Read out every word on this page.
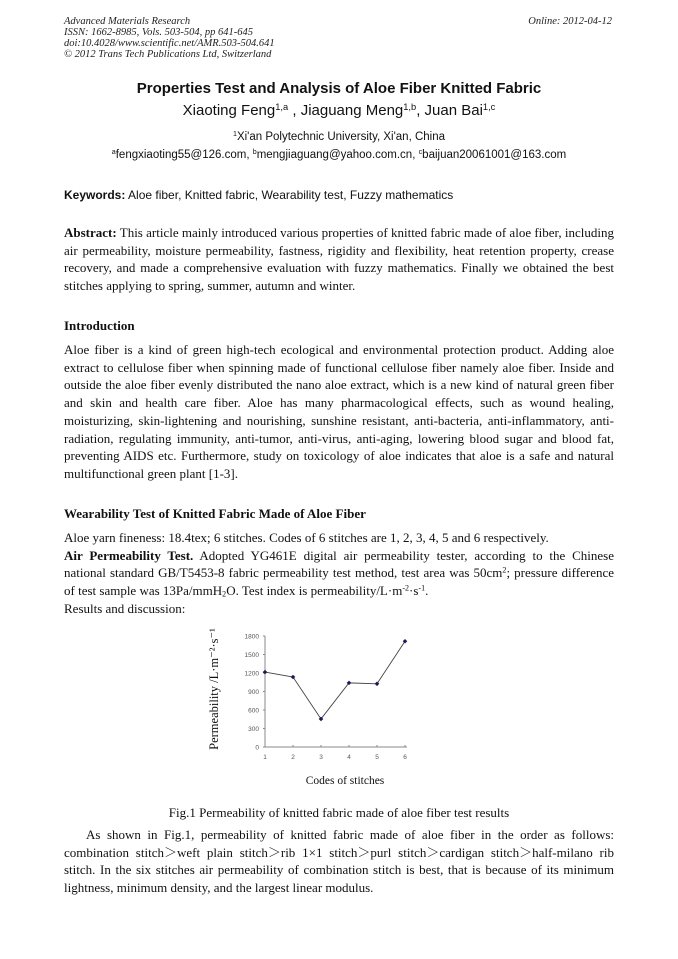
Advanced Materials Research
ISSN: 1662-8985, Vols. 503-504, pp 641-645
doi:10.4028/www.scientific.net/AMR.503-504.641
© 2012 Trans Tech Publications Ltd, Switzerland
Online: 2012-04-12
Properties Test and Analysis of Aloe Fiber Knitted Fabric
Xiaoting Feng$^{1,a}$ , Jiaguang Meng$^{1,b}$, Juan Bai$^{1,c}$
$^1$Xi'an Polytechnic University, Xi'an, China
$^a$fengxiaoting55@126.com, $^b$mengjiaguang@yahoo.com.cn, $^c$baijuan20061001@163.com
Keywords: Aloe fiber, Knitted fabric, Wearability test, Fuzzy mathematics
Abstract: This article mainly introduced various properties of knitted fabric made of aloe fiber, including air permeability, moisture permeability, fastness, rigidity and flexibility, heat retention property, crease recovery, and made a comprehensive evaluation with fuzzy mathematics. Finally we obtained the best stitches applying to spring, summer, autumn and winter.
Introduction
Aloe fiber is a kind of green high-tech ecological and environmental protection product. Adding aloe extract to cellulose fiber when spinning made of functional cellulose fiber namely aloe fiber. Inside and outside the aloe fiber evenly distributed the nano aloe extract, which is a new kind of natural green fiber and skin and health care fiber. Aloe has many pharmacological effects, such as wound healing, moisturizing, skin-lightening and nourishing, sunshine resistant, anti-bacteria, anti-inflammatory, anti-radiation, regulating immunity, anti-tumor, anti-virus, anti-aging, lowering blood sugar and blood fat, preventing AIDS etc. Furthermore, study on toxicology of aloe indicates that aloe is a safe and natural multifunctional green plant [1-3].
Wearability Test of Knitted Fabric Made of Aloe Fiber
Aloe yarn fineness: 18.4tex; 6 stitches. Codes of 6 stitches are 1, 2, 3, 4, 5 and 6 respectively.
Air Permeability Test. Adopted YG461E digital air permeability tester, according to the Chinese national standard GB/T5453-8 fabric permeability test method, test area was $50cm^2$; pressure difference of test sample was 13Pa/mmH$_2$O. Test index is permeability/$L\cdot m^{-2}\cdot s^{-1}$.
Results and discussion:
Permeability /L·m⁻²·s⁻¹	0
300
600
900
1200
1500
1800
1	2	3	4	5	6
Codes of stitches
Fig.1 Permeability of knitted fabric made of aloe fiber test results
As shown in Fig.1, permeability of knitted fabric made of aloe fiber in the order as follows: combination stitch＞weft plain stitch＞rib 1×1 stitch＞purl stitch＞cardigan stitch＞half-milano rib stitch. In the six stitches air permeability of combination stitch is best, that is because of its minimum lightness, minimum density, and the largest linear modulus.
